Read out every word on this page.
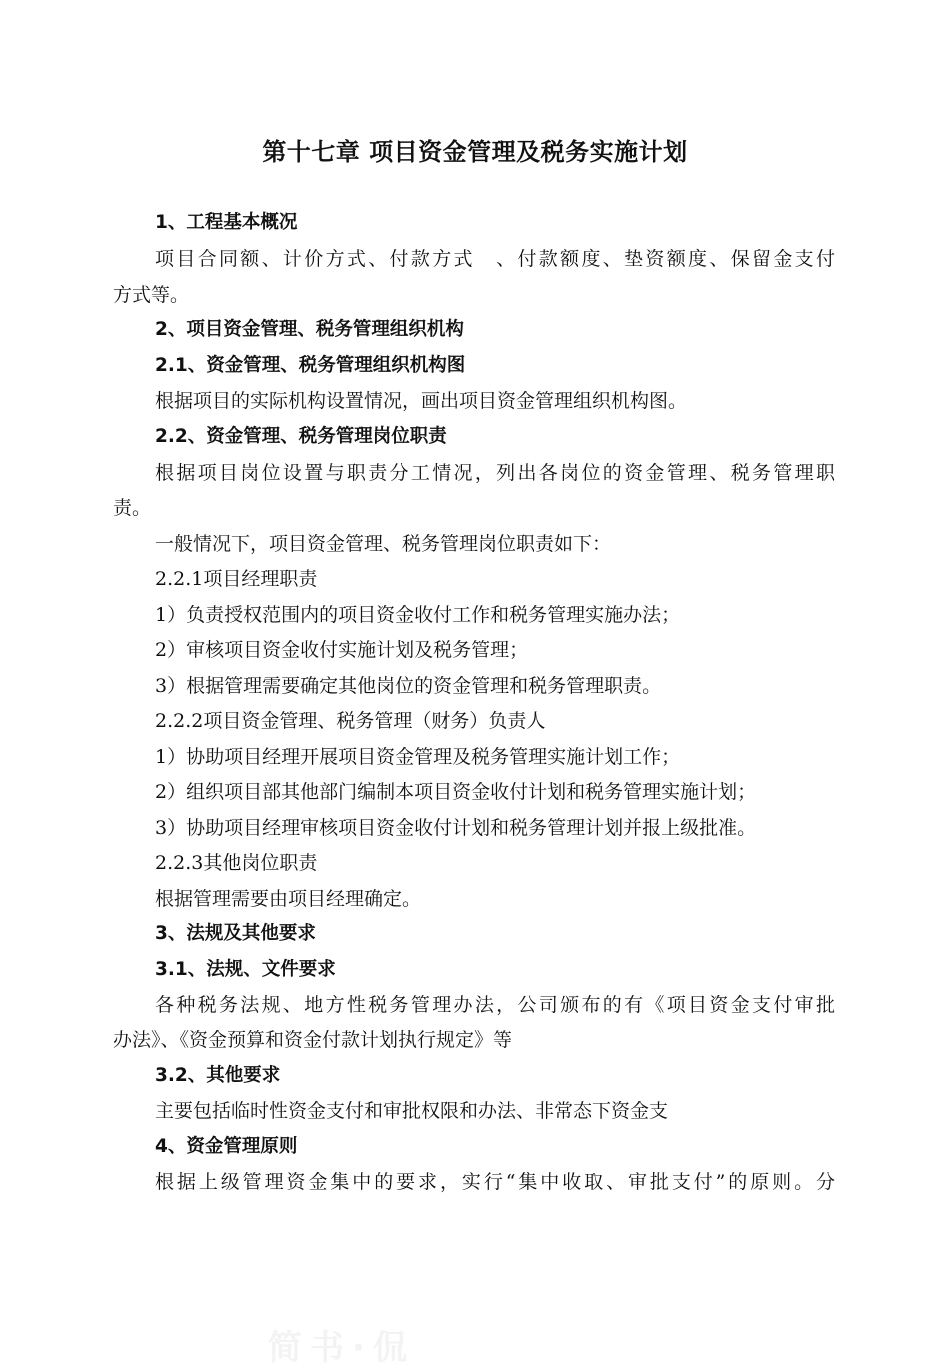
第十七章 项目资金管理及税务实施计划
1、工程基本概况
项目合同额、计价方式、付款方式　、付款额度、垫资额度、保留金支付
方式等。
2、项目资金管理、税务管理组织机构
2.1、资金管理、税务管理组织机构图
根据项目的实际机构设置情况，画出项目资金管理组织机构图。
2.2、资金管理、税务管理岗位职责
根据项目岗位设置与职责分工情况，列出各岗位的资金管理、税务管理职
责。
一般情况下，项目资金管理、税务管理岗位职责如下：
2.2.1项目经理职责
1）负责授权范围内的项目资金收付工作和税务管理实施办法；
2）审核项目资金收付实施计划及税务管理；
3）根据管理需要确定其他岗位的资金管理和税务管理职责。
2.2.2项目资金管理、税务管理（财务）负责人
1）协助项目经理开展项目资金管理及税务管理实施计划工作；
2）组织项目部其他部门编制本项目资金收付计划和税务管理实施计划；
3）协助项目经理审核项目资金收付计划和税务管理计划并报上级批准。
2.2.3其他岗位职责
根据管理需要由项目经理确定。
3、法规及其他要求
3.1、法规、文件要求
各种税务法规、地方性税务管理办法，公司颁布的有《项目资金支付审批
办法》、《资金预算和资金付款计划执行规定》等
3.2、其他要求
主要包括临时性资金支付和审批权限和办法、非常态下资金支
4、资金管理原则
根据上级管理资金集中的要求，实行“集中收取、审批支付”的原则。分
简书·侃
